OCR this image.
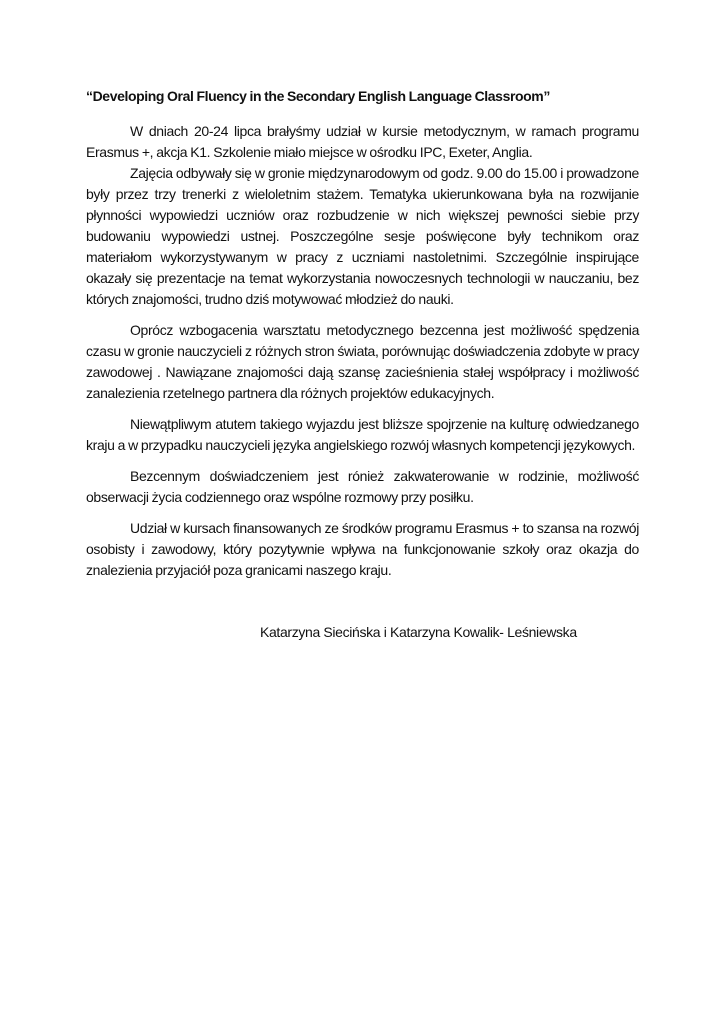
“Developing Oral Fluency in the Secondary English Language Classroom”

W dniach 20-24 lipca brałyśmy udział w kursie metodycznym, w ramach programu Erasmus +, akcja K1. Szkolenie miało miejsce w ośrodku IPC, Exeter, Anglia.

Zajęcia odbywały się w gronie międzynarodowym od godz. 9.00 do 15.00 i prowadzone były przez trzy trenerki z wieloletnim stażem. Tematyka ukierunkowana była na rozwijanie płynności wypowiedzi uczniów oraz rozbudzenie w nich większej pewności siebie przy budowaniu wypowiedzi ustnej. Poszczególne sesje poświęcone były technikom oraz materiałom wykorzystywanym w pracy z uczniami nastoletnimi. Szczególnie inspirujące okazały się prezentacje na temat wykorzystania nowoczesnych technologii w nauczaniu, bez których znajomości, trudno dziś motywować młodzież do nauki.

Oprócz wzbogacenia warsztatu metodycznego bezcenna jest możliwość spędzenia czasu w gronie nauczycieli z różnych stron świata, porównując doświadczenia zdobyte w pracy zawodowej . Nawiązane znajomości dają szansę zacieśnienia stałej współpracy i możliwość zanalezienia rzetelnego partnera dla różnych projektów edukacyjnych.

Niewątpliwym atutem takiego wyjazdu jest bliższe spojrzenie na kulturę odwiedzanego kraju a w przypadku nauczycieli języka angielskiego rozwój własnych kompetencji językowych.

Bezcennym doświadczeniem jest rónież zakwaterowanie w rodzinie, możliwość obserwacji życia codziennego oraz wspólne rozmowy przy posiłku.

Udział w kursach finansowanych ze środków programu Erasmus + to szansa na rozwój osobisty i zawodowy, który pozytywnie wpływa na funkcjonowanie szkoły oraz okazja do znalezienia przyjaciół poza granicami naszego kraju.

Katarzyna Siecińska i Katarzyna Kowalik- Leśniewska
